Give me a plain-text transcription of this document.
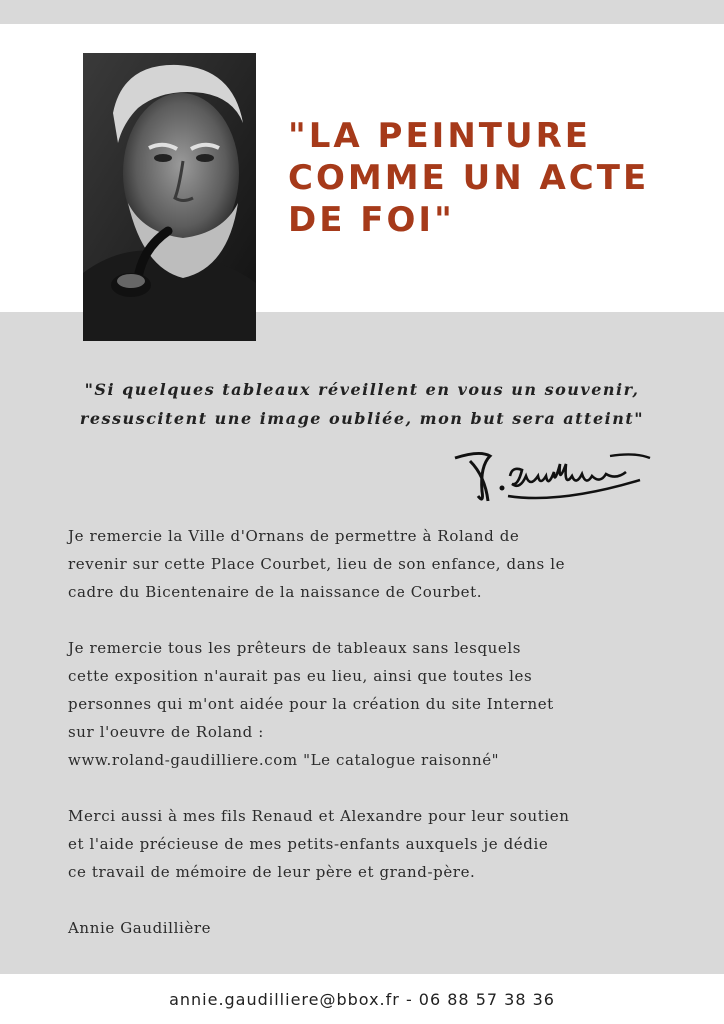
"LA PEINTURE
COMME UN ACTE
DE FOI"

"Si quelques tableaux réveillent en vous un souvenir,
ressuscitent une image oubliée, mon but sera atteint"

Je remercie la Ville d'Ornans de permettre à Roland de
revenir sur cette Place Courbet, lieu de son enfance, dans le
cadre du Bicentenaire de la naissance de Courbet.

Je remercie tous les prêteurs de tableaux sans lesquels
cette exposition n'aurait pas eu lieu, ainsi que toutes les
personnes qui m'ont aidée pour la création du site Internet
sur l'oeuvre de Roland :
www.roland-gaudilliere.com "Le catalogue raisonné"

Merci aussi à mes fils Renaud et Alexandre pour leur soutien
et l'aide précieuse de mes petits-enfants auxquels je dédie
ce travail de mémoire de leur père et grand-père.

Annie Gaudillière

annie.gaudilliere@bbox.fr - 06 88 57 38 36
